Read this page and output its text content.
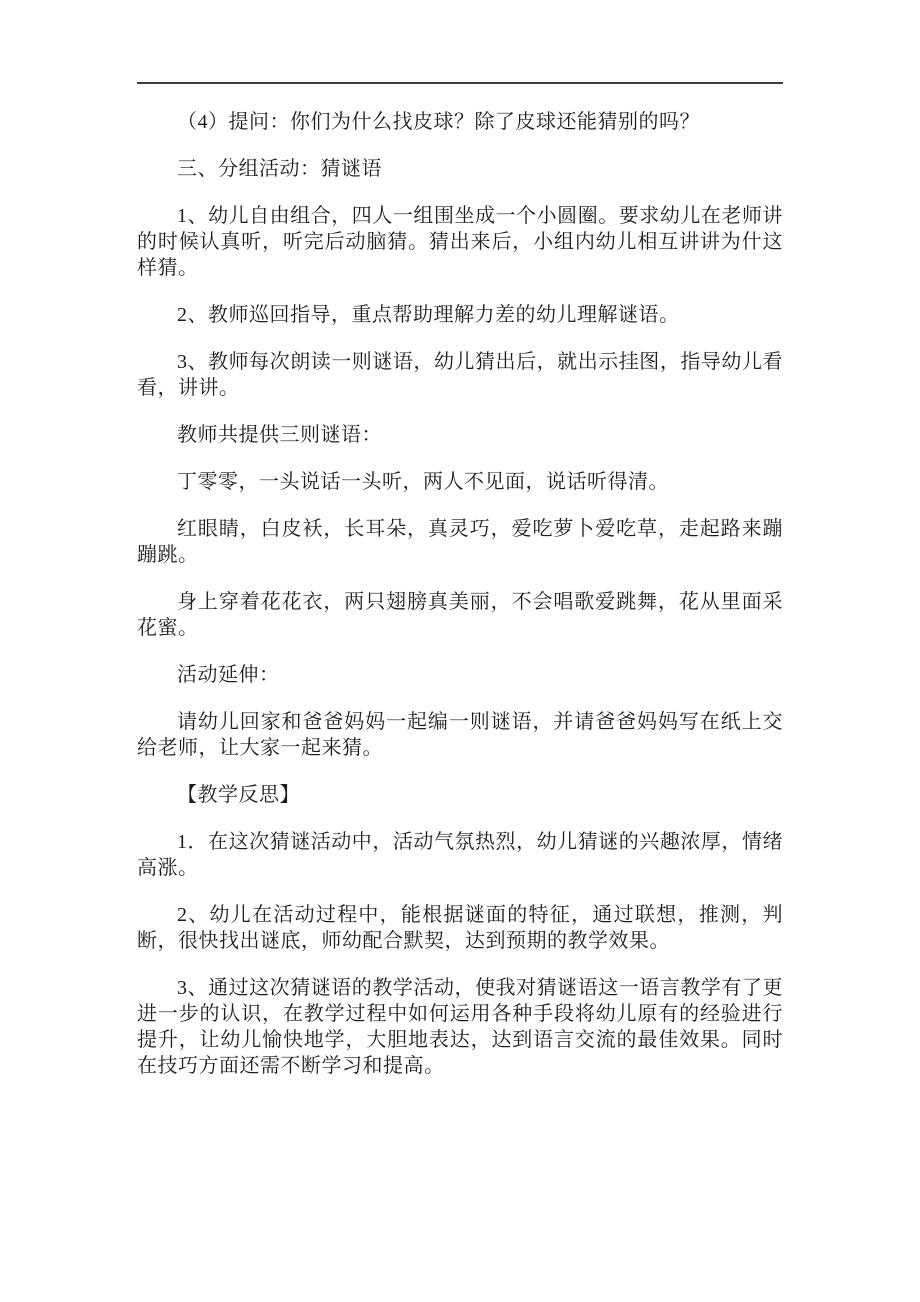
（4）提问：你们为什么找皮球？除了皮球还能猜别的吗？

三、分组活动：猜谜语

1、幼儿自由组合，四人一组围坐成一个小圆圈。要求幼儿在老师讲的时候认真听，听完后动脑猜。猜出来后，小组内幼儿相互讲讲为什这样猜。

2、教师巡回指导，重点帮助理解力差的幼儿理解谜语。

3、教师每次朗读一则谜语，幼儿猜出后，就出示挂图，指导幼儿看看，讲讲。

教师共提供三则谜语：

丁零零，一头说话一头听，两人不见面，说话听得清。

红眼睛，白皮袄，长耳朵，真灵巧，爱吃萝卜爱吃草，走起路来蹦蹦跳。

身上穿着花花衣，两只翅膀真美丽，不会唱歌爱跳舞，花从里面采花蜜。

活动延伸：

请幼儿回家和爸爸妈妈一起编一则谜语，并请爸爸妈妈写在纸上交给老师，让大家一起来猜。

【教学反思】

1．在这次猜谜活动中，活动气氛热烈，幼儿猜谜的兴趣浓厚，情绪高涨。

2、幼儿在活动过程中，能根据谜面的特征，通过联想，推测，判断，很快找出谜底，师幼配合默契，达到预期的教学效果。

3、通过这次猜谜语的教学活动，使我对猜谜语这一语言教学有了更进一步的认识，在教学过程中如何运用各种手段将幼儿原有的经验进行提升，让幼儿愉快地学，大胆地表达，达到语言交流的最佳效果。同时在技巧方面还需不断学习和提高。
